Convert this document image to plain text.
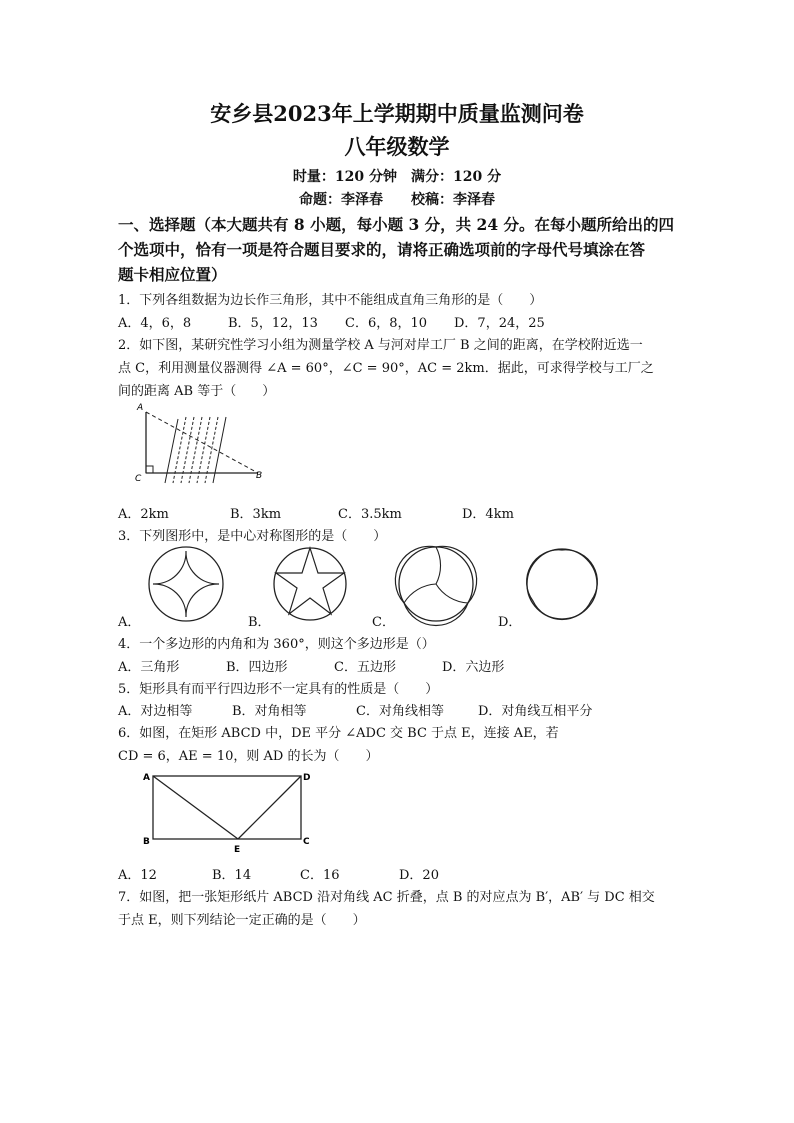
安乡县2023年上学期期中质量监测问卷
八年级数学
时量：120 分钟　满分：120 分
命题：李泽春　　校稿：李泽春
一、选择题（本大题共有 8 小题，每小题 3 分，共 24 分。在每小题所给出的四
个选项中，恰有一项是符合题目要求的，请将正确选项前的字母代号填涂在答
题卡相应位置）
1．下列各组数据为边长作三角形，其中不能组成直角三角形的是（　　）
A．4，6，8	B．5，12，13 C．6，8，10 D．7，24，25
2．如下图，某研究性学习小组为测量学校 A 与河对岸工厂 B 之间的距离，在学校附近选一
点 C，利用测量仪器测得 ∠A = 60°，∠C = 90°，AC = 2km．据此，可求得学校与工厂之
间的距离 AB 等于（　　）
A
C	B
A．2km	B．3km	C．3.5km	D．4km
3．下列图形中，是中心对称图形的是（　　）
A．	B．	C．	D．
4．一个多边形的内角和为 360°，则这个多边形是（）
A．三角形	B．四边形	C．五边形	D．六边形
5．矩形具有而平行四边形不一定具有的性质是（　　）
A．对边相等	B．对角相等	C．对角线相等	D．对角线互相平分
6．如图，在矩形 ABCD 中，DE 平分 ∠ADC 交 BC 于点 E，连接 AE，若
CD = 6，AE = 10，则 AD 的长为（　　）
A	D
B	C
E
A．12	B．14	C．16	D．20
7．如图，把一张矩形纸片 ABCD 沿对角线 AC 折叠，点 B 的对应点为 B′，AB′ 与 DC 相交
于点 E，则下列结论一定正确的是（　　）
